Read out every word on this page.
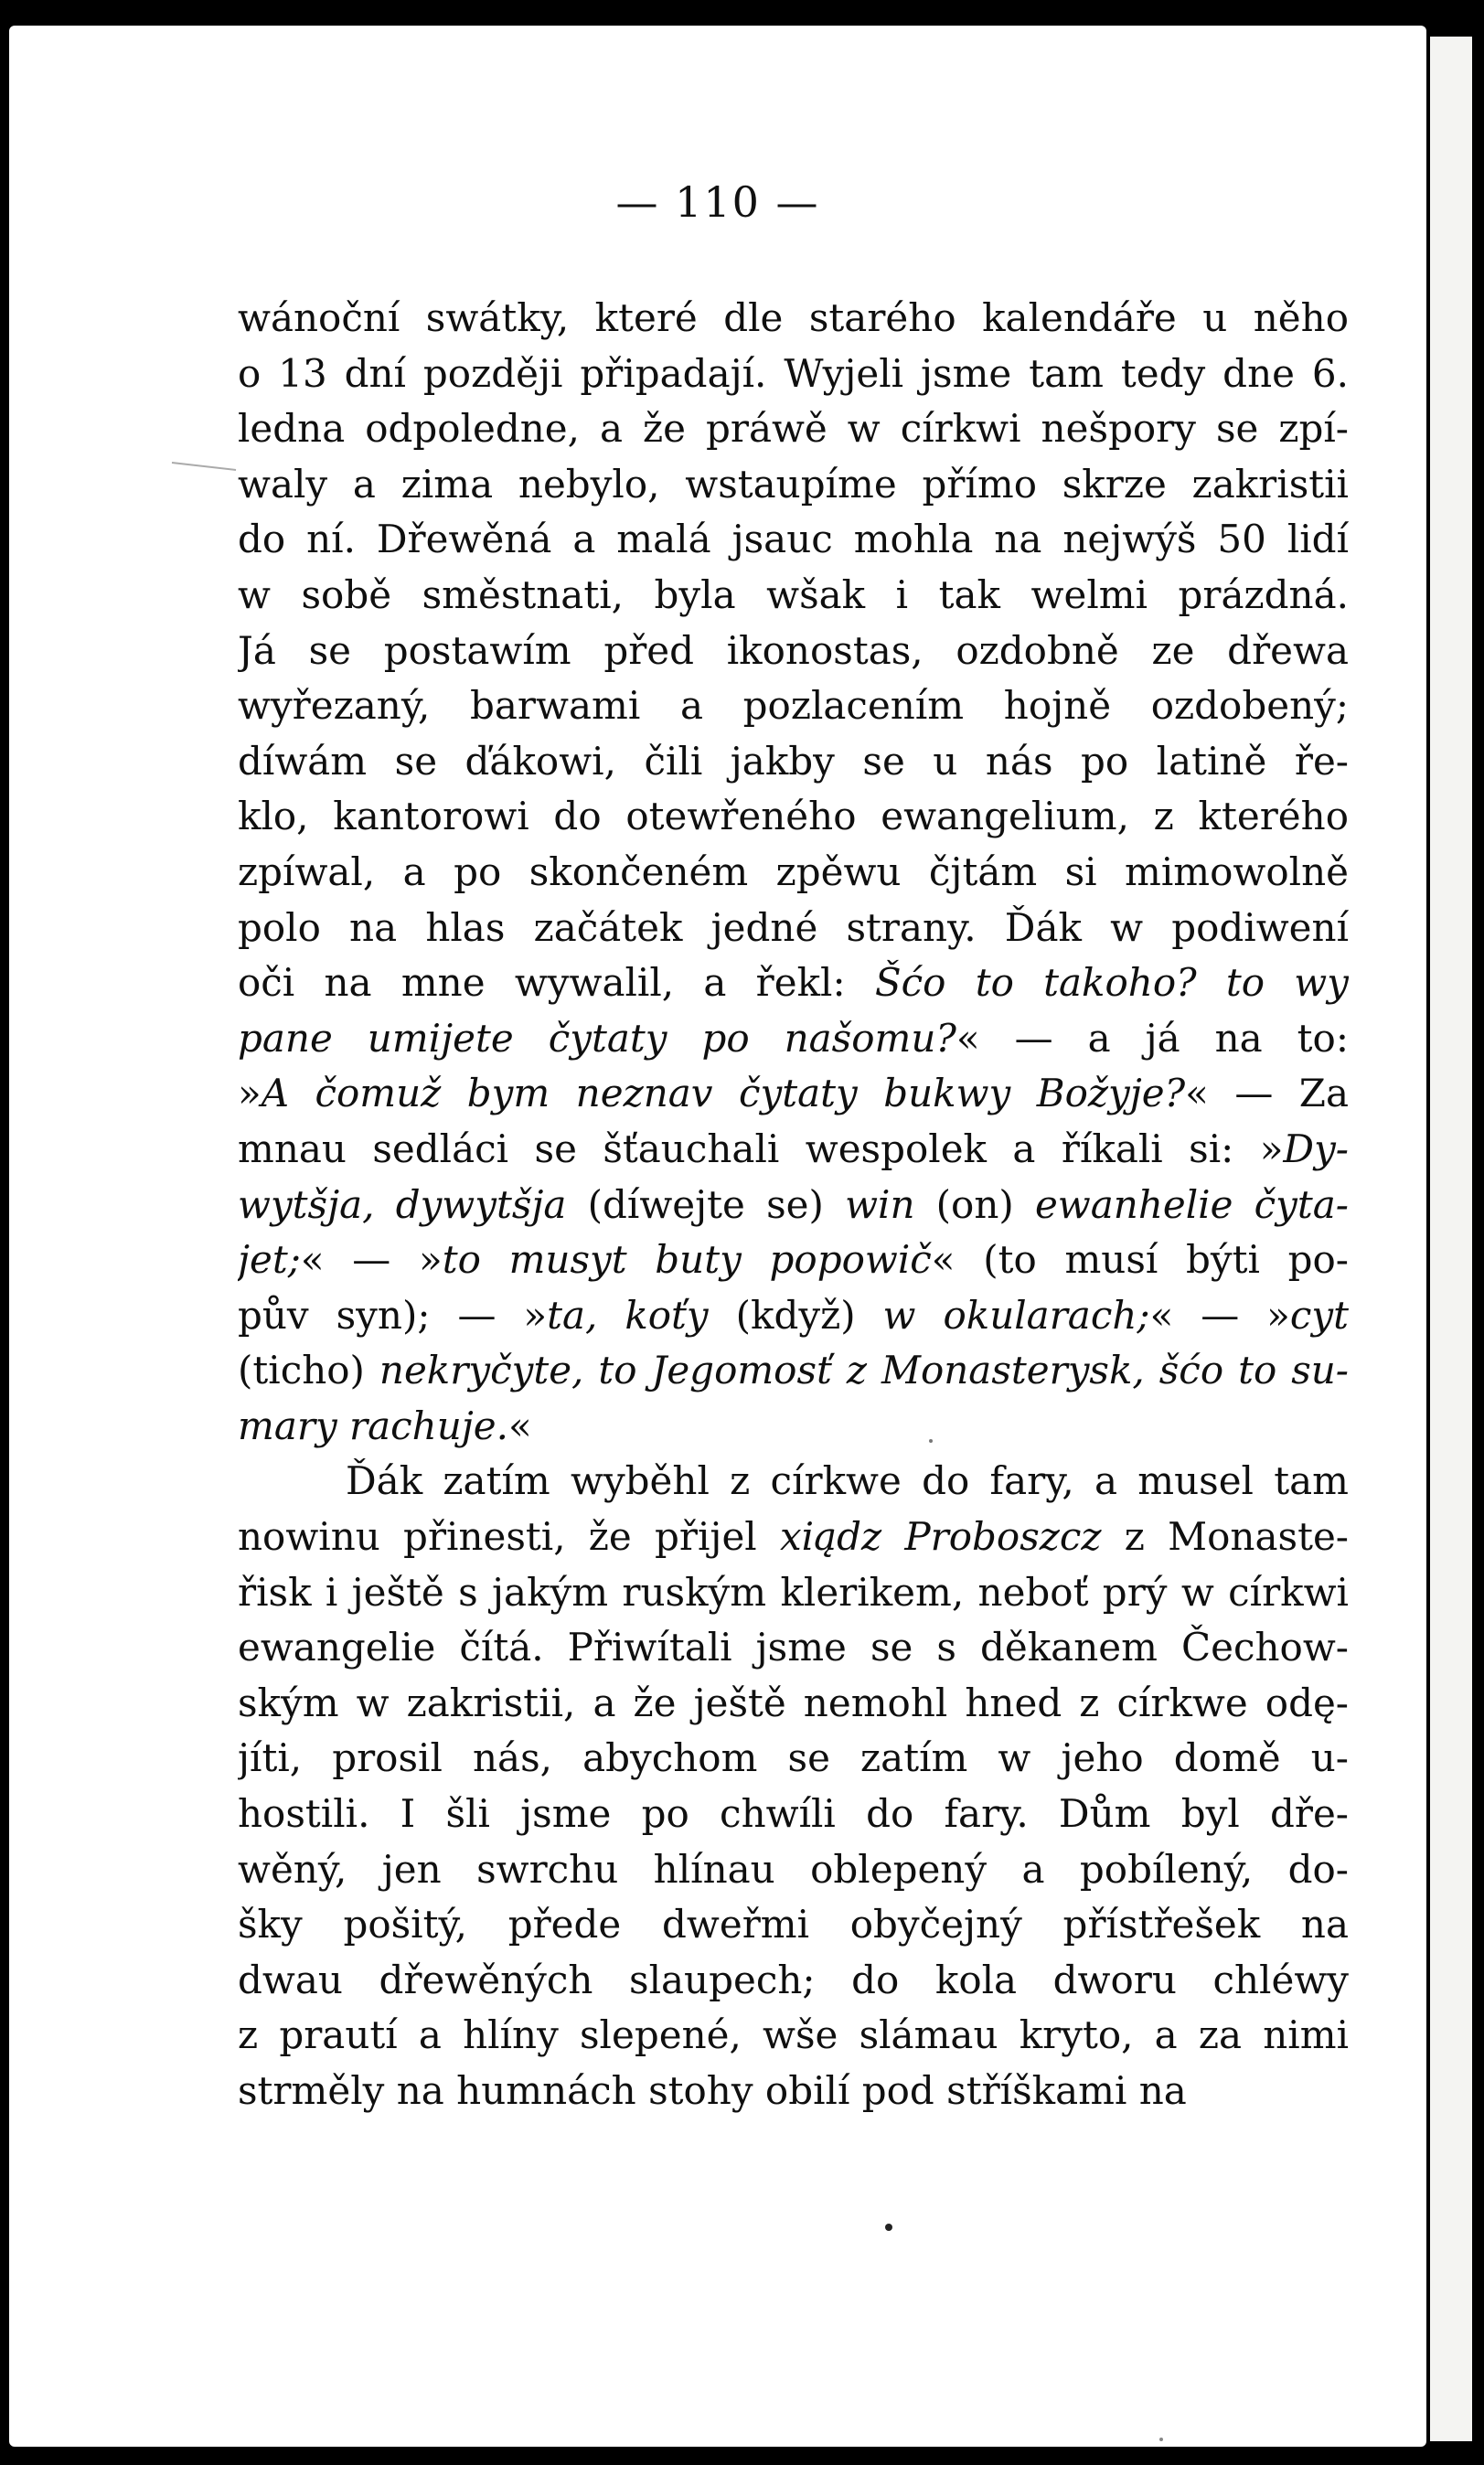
— 110 —
wánoční swátky, které dle starého kalendáře u něho
o 13 dní později připadají. Wyjeli jsme tam tedy dne 6.
ledna odpoledne, a že práwě w církwi nešpory se zpí-
waly a zima nebylo, wstaupíme přímo skrze zakristii
do ní. Dřewěná a malá jsauc mohla na nejwýš 50 lidí
w sobě směstnati, byla wšak i tak welmi prázdná.
Já se postawím před ikonostas, ozdobně ze dřewa
wyřezaný, barwami a pozlacením hojně ozdobený;
díwám se ďákowi, čili jakby se u nás po latině ře-
klo, kantorowi do otewřeného ewangelium, z kterého
zpíwal, a po skončeném zpěwu čjtám si mimowolně
polo na hlas začátek jedné strany. Ďák w podiwení
oči na mne wywalil, a řekl: Šćo to takoho? to wy
pane umijete čytaty po našomu?« — a já na to:
»A čomuž bym neznav čytaty bukwy Božyje?« — Za
mnau sedláci se šťauchali wespolek a říkali si: »Dy-
wytšja, dywytšja (díwejte se) win (on) ewanhelie čyta-
jet;« — »to musyt buty popowič« (to musí býti po-
pův syn); — »ta, koťy (když) w okularach;« — »cyt
(ticho) nekryčyte, to Jegomosť z Monasterysk, šćo to su-
mary rachuje.«
Ďák zatím wyběhl z církwe do fary, a musel tam
nowinu přinesti, že přijel xiądz Proboszcz z Monaste-
řisk i ještě s jakým ruským klerikem, neboť prý w církwi
ewangelie čítá. Přiwítali jsme se s děkanem Čechow-
ským w zakristii, a že ještě nemohl hned z církwe odę-
jíti, prosil nás, abychom se zatím w jeho domě u-
hostili. I šli jsme po chwíli do fary. Dům byl dře-
wěný, jen swrchu hlínau oblepený a pobílený, do-
šky pošitý, přede dweřmi obyčejný přístřešek na
dwau dřewěných slaupech; do kola dworu chléwy
z prautí a hlíny slepené, wše slámau kryto, a za nimi
strměly na humnách stohy obilí pod stříškami na
